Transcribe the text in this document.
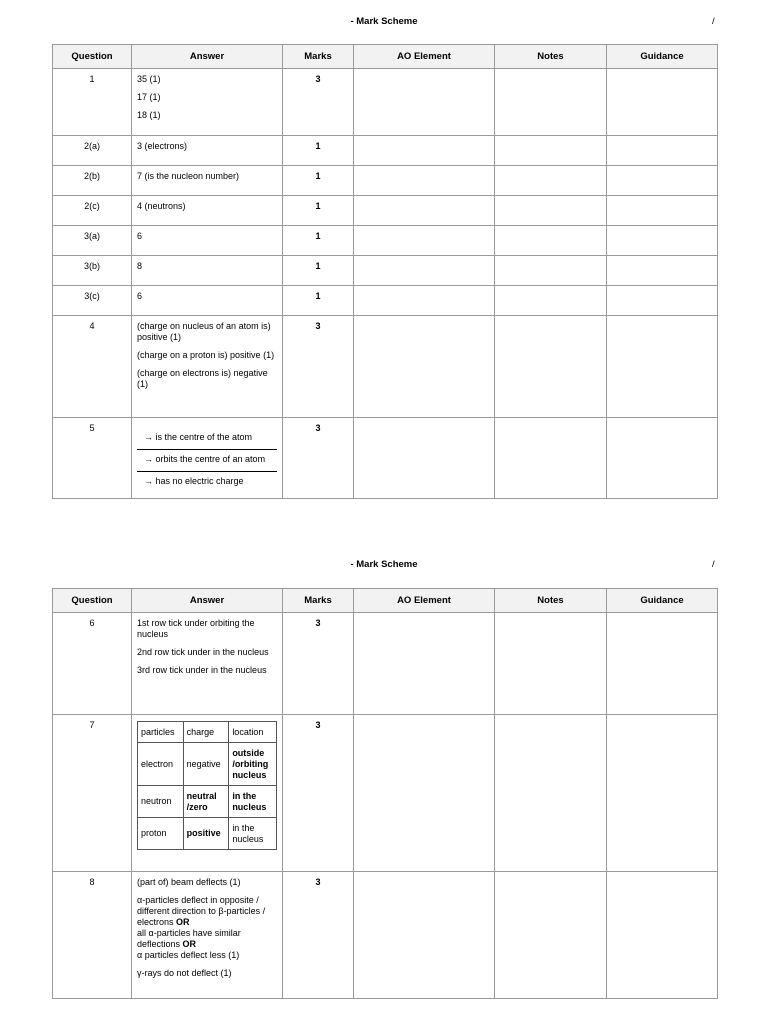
- Mark Scheme	/
Question	Answer	Marks	AO Element	Notes	Guidance
1	35 (1)
17 (1)
18 (1)	3			
2(a)	3 (electrons)	1			
2(b)	7 (is the nucleon number)	1			
2(c)	4 (neutrons)	1			
3(a)	6	1			
3(b)	8	1			
3(c)	6	1			
4	(charge on nucleus of an atom is) positive (1)
(charge on a proton is) positive (1)
(charge on electrons is) negative (1)	3			
5	→ is the centre of the atom
→ orbits the centre of an atom
→ has no electric charge	3			
- Mark Scheme	/
Question	Answer	Marks	AO Element	Notes	Guidance
6	1st row tick under orbiting the nucleus
2nd row tick under in the nucleus
3rd row tick under in the nucleus
	3			
7	
particles	charge	location
electron	negative	outside /orbiting nucleus
neutron	neutral /zero	in the nucleus
proton	positive	in the nucleus
	3			
8	(part of) beam deflects (1)
α-particles deflect in opposite / different direction to β-particles / electrons OR
all α-particles have similar deflections OR
α particles deflect less (1)
γ-rays do not deflect (1)
	3			
